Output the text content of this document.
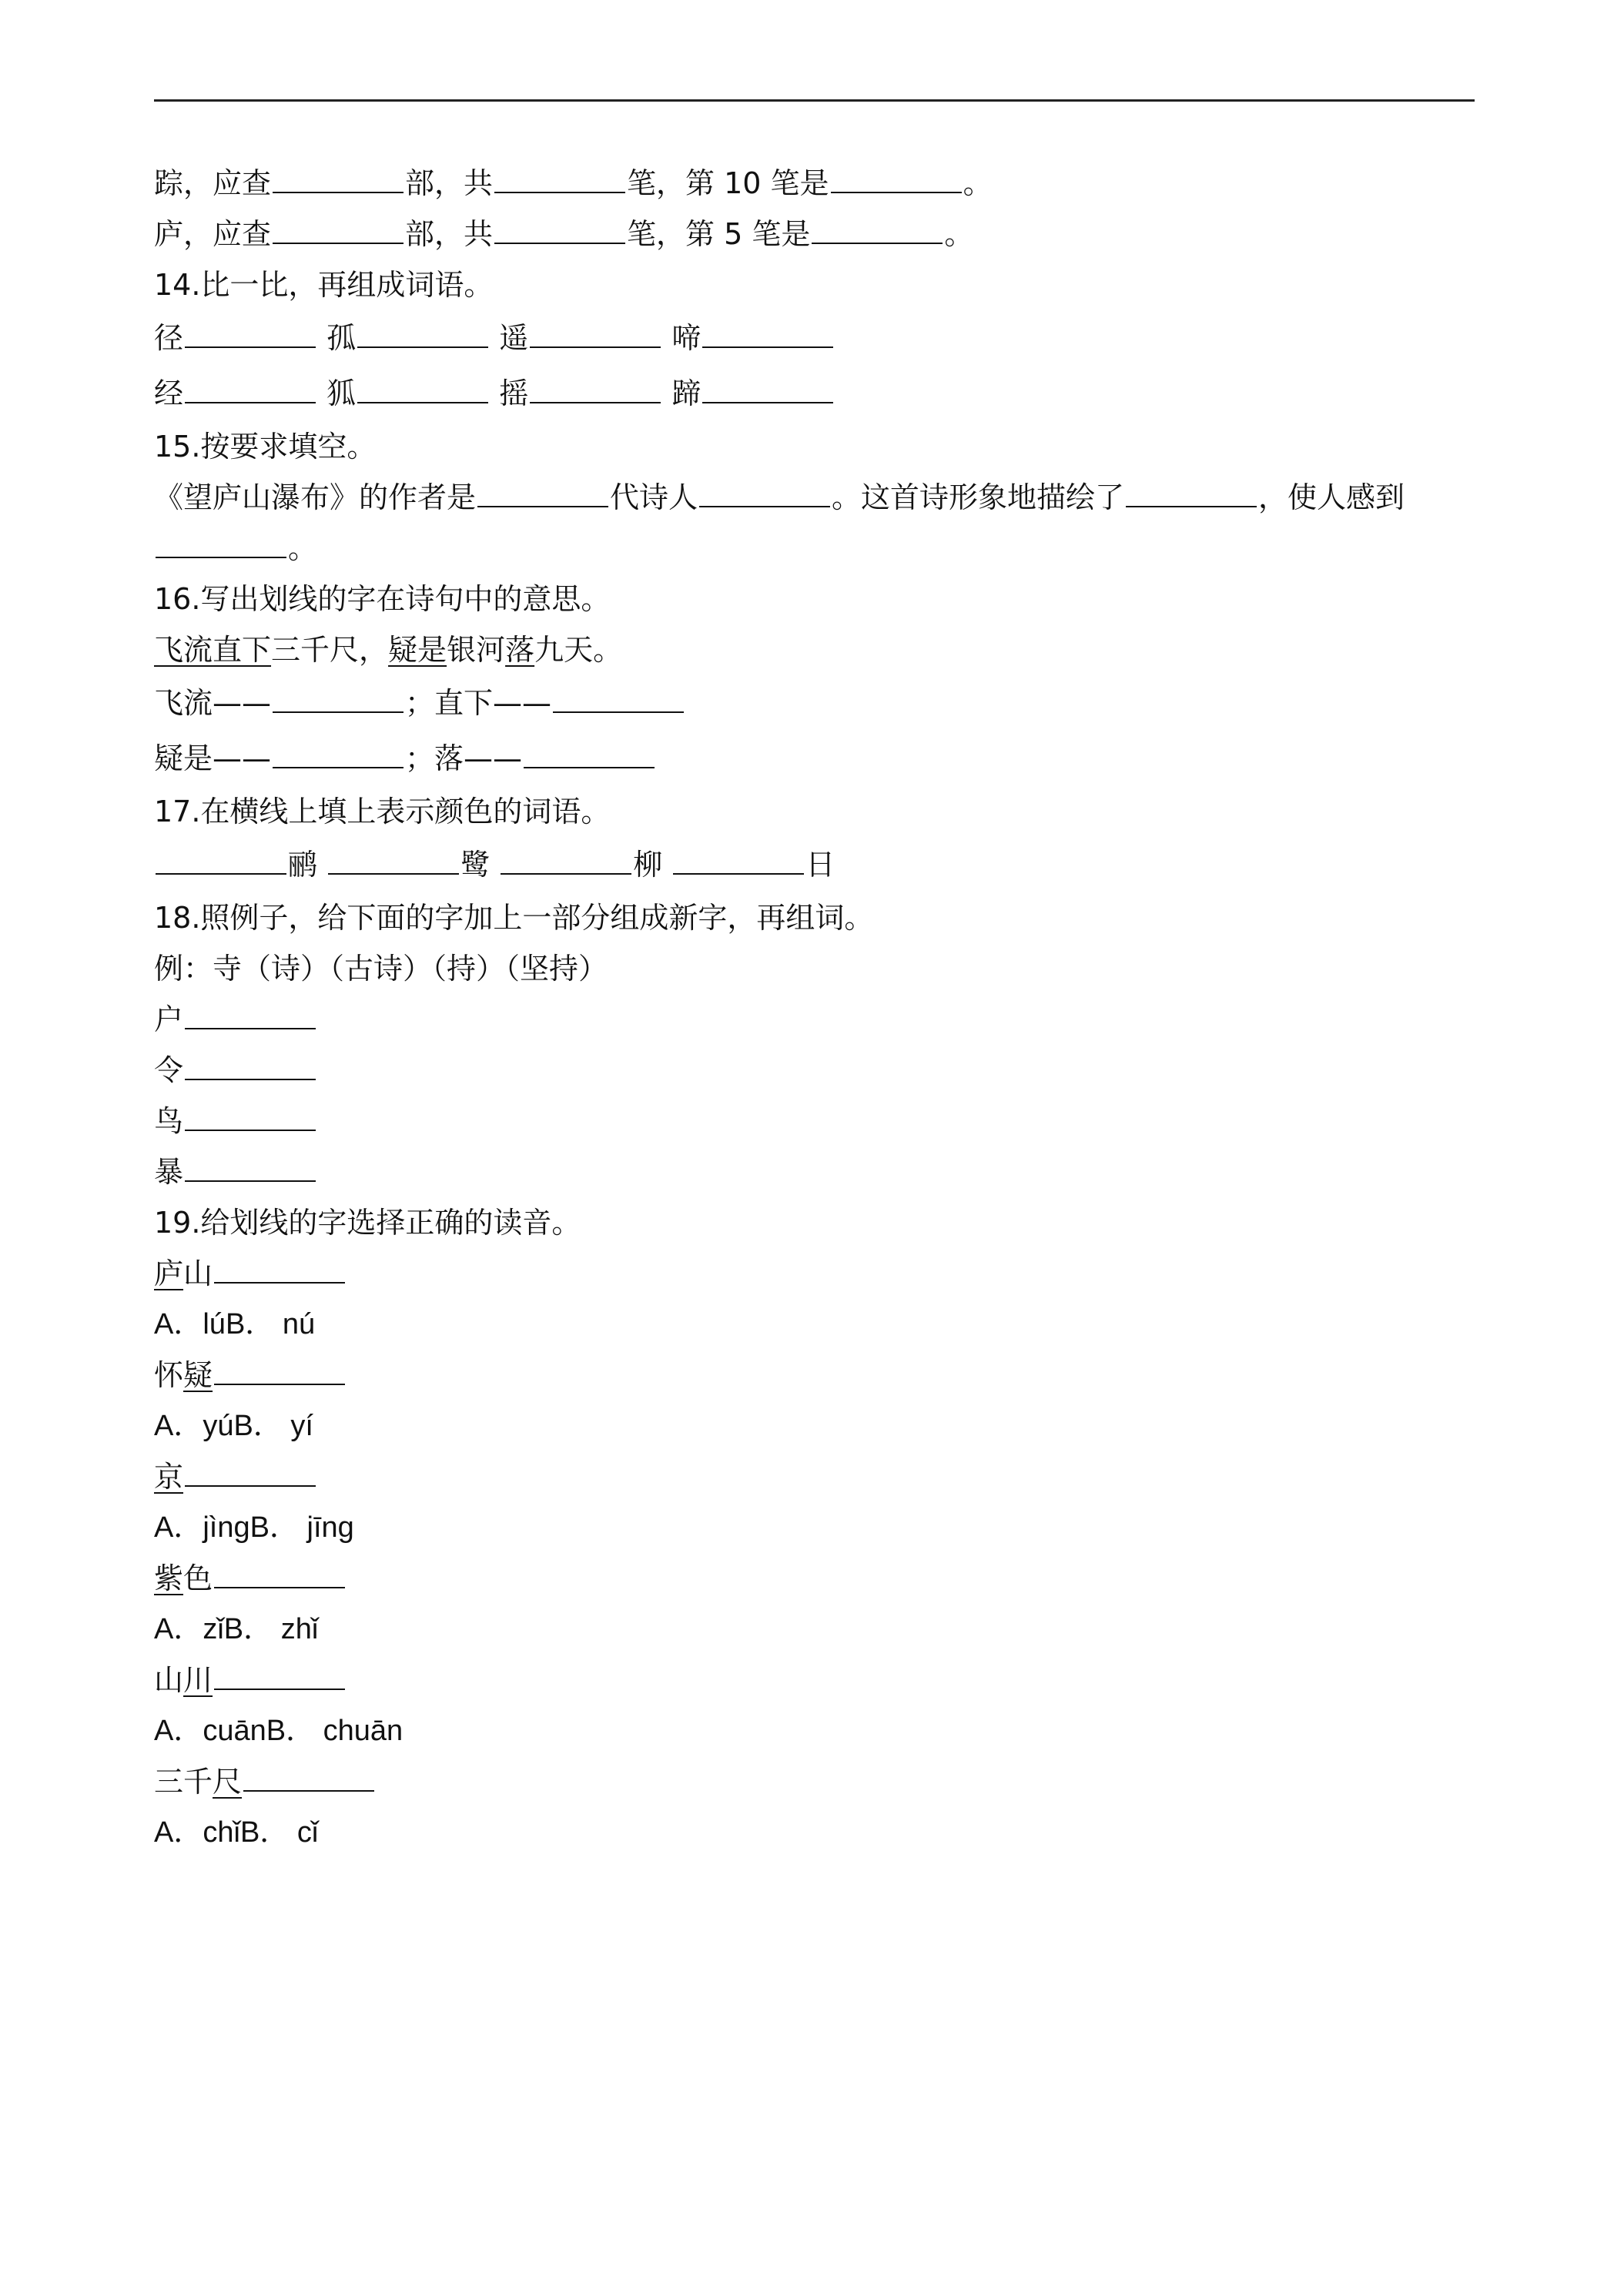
踪，应查	部，共	笔，第 10 笔是	。
庐，应查	部，共	笔，第 5 笔是	。
14.比一比，再组成词语。
径	孤	遥	啼
经	狐	摇	蹄
15.按要求填空。
《望庐山瀑布》的作者是	代诗人	。这首诗形象地描绘了	，使人感到。
16.写出划线的字在诗句中的意思。
飞流直下三千尺，疑是银河落九天。
飞流——	；直下——
疑是——	；落——
17.在横线上填上表示颜色的词语。
鹂	鹭	柳	日
18.照例子，给下面的字加上一部分组成新字，再组词。
例：寺（诗）（古诗）（持）（坚持）
户
令
鸟
暴
19.给划线的字选择正确的读音。
庐山
A．lúB． nú
怀疑
A．yúB． yí
京
A．jìngB． jīng
紫色
A．zǐB． zhǐ
山川
A．cuānB． chuān
三千尺
A．chǐB． cǐ
